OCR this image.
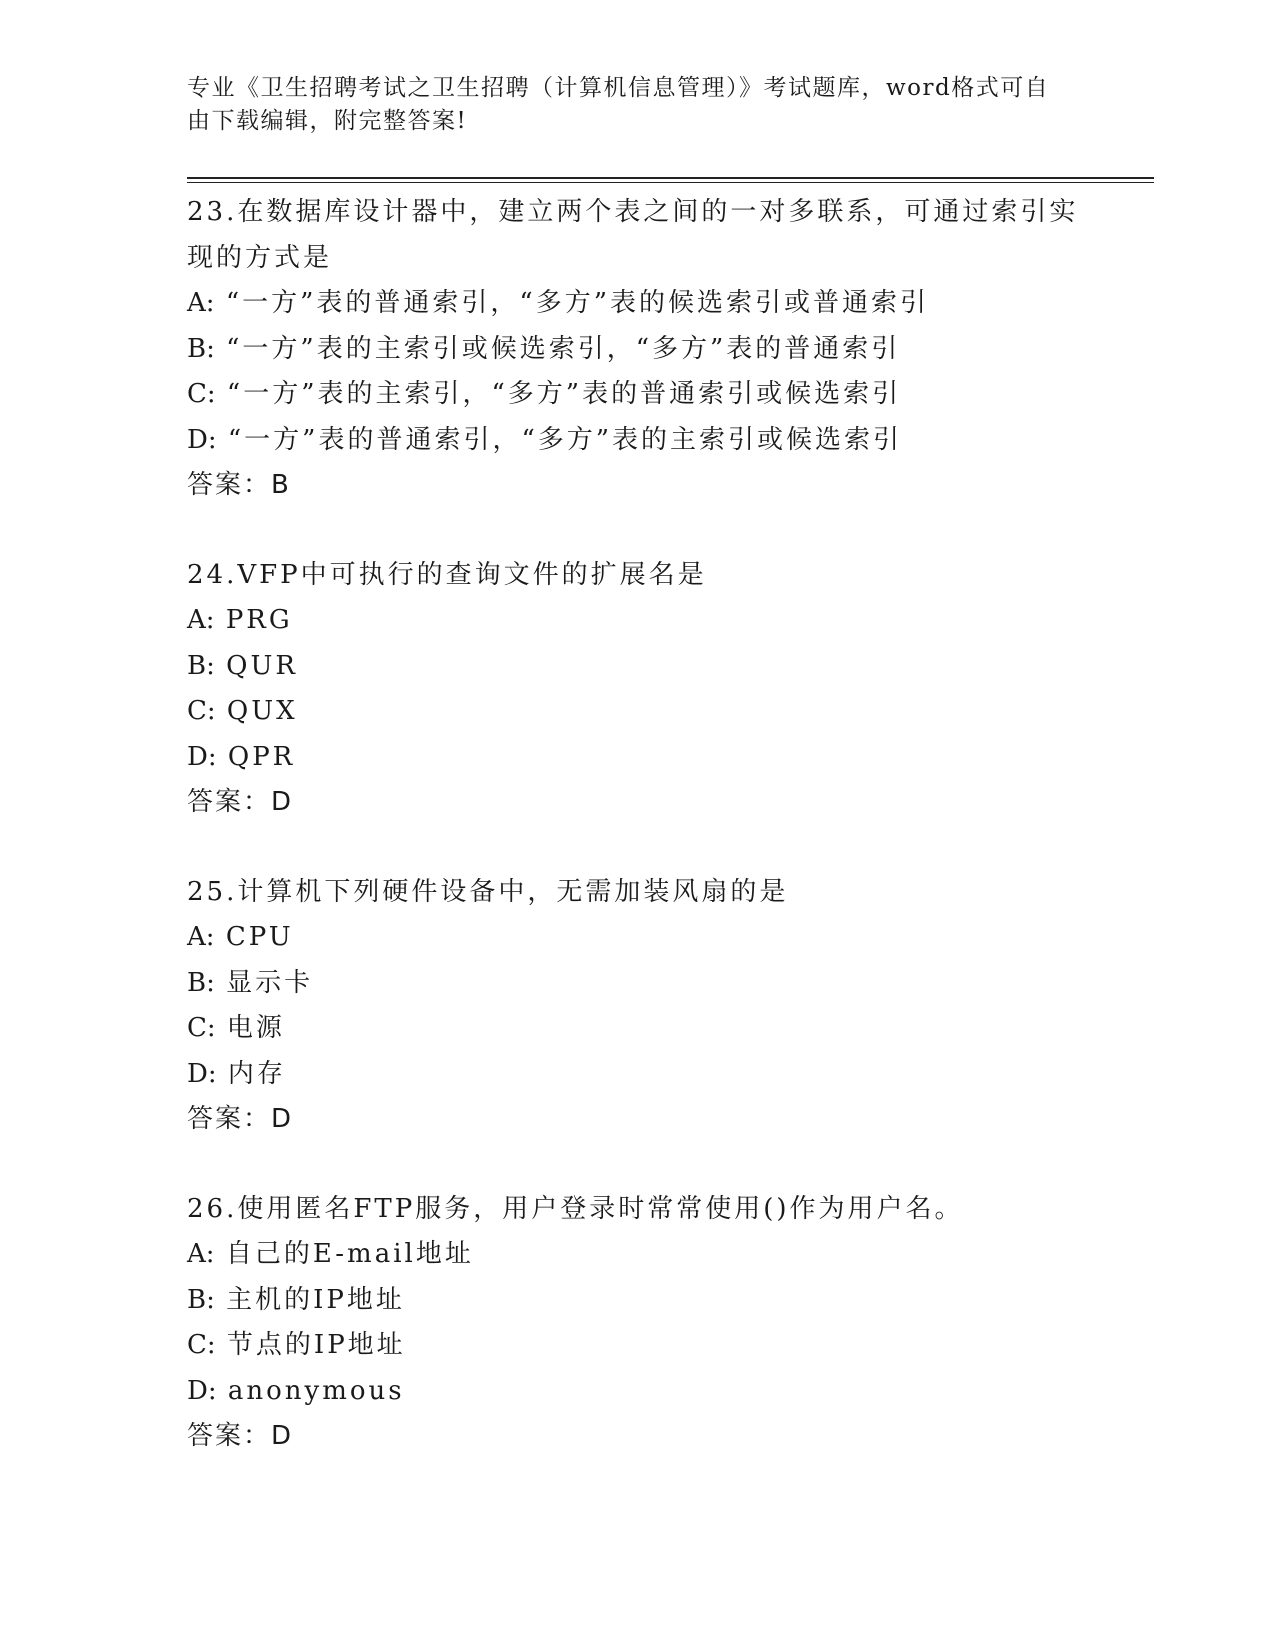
专业《卫生招聘考试之卫生招聘（计算机信息管理）》考试题库，word格式可自
由下载编辑，附完整答案!

23.在数据库设计器中，建立两个表之间的一对多联系，可通过索引实现的方式是

A: “一方”表的普通索引，“多方”表的候选索引或普通索引

B: “一方”表的主索引或候选索引，“多方”表的普通索引

C: “一方”表的主索引，“多方”表的普通索引或候选索引

D: “一方”表的普通索引，“多方”表的主索引或候选索引

答案：B

24.VFP中可执行的查询文件的扩展名是

A: PRG

B: QUR

C: QUX

D: QPR

答案：D

25.计算机下列硬件设备中，无需加装风扇的是

A: CPU

B: 显示卡

C: 电源

D: 内存

答案：D

26.使用匿名FTP服务，用户登录时常常使用()作为用户名。

A: 自己的E-mail地址

B: 主机的IP地址

C: 节点的IP地址

D: anonymous

答案：D
